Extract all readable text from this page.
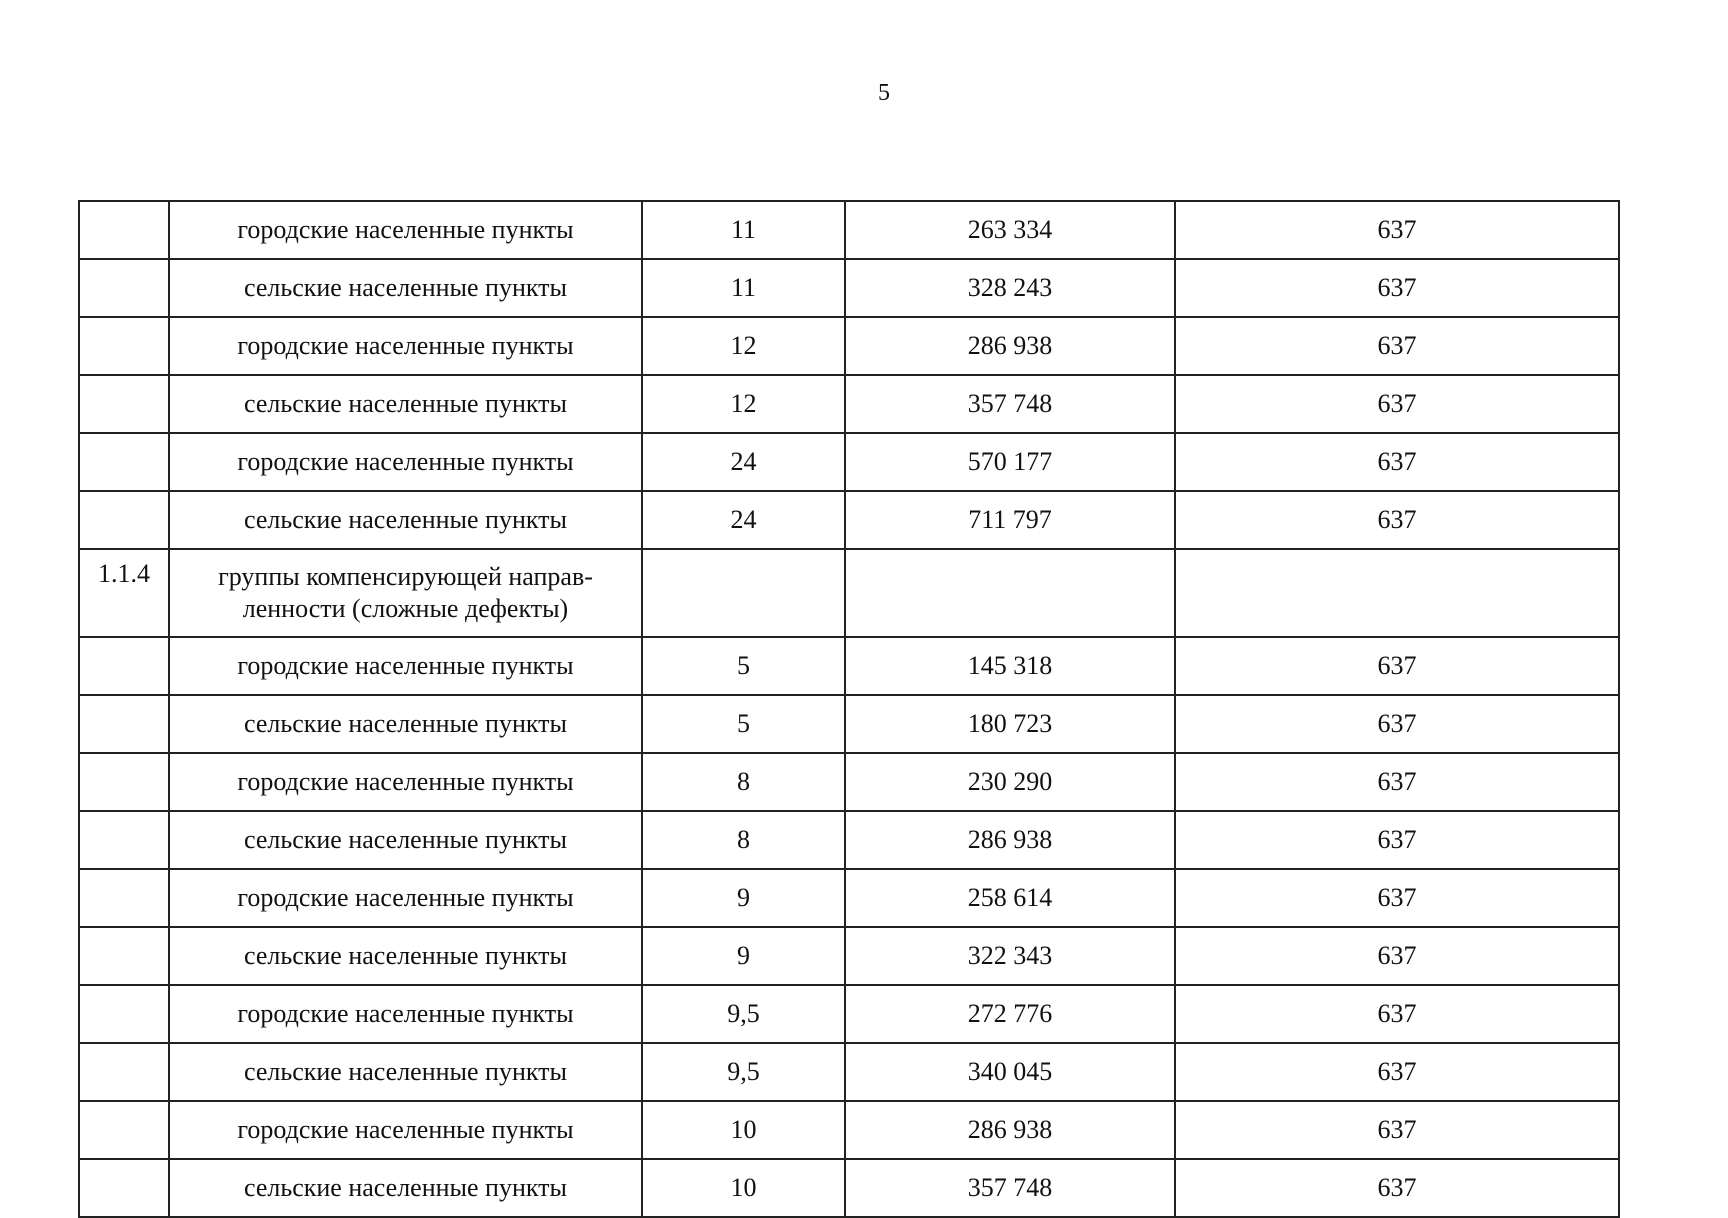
5
	городские населенные пункты	11	263 334	637
	сельские населенные пункты	11	328 243	637
	городские населенные пункты	12	286 938	637
	сельские населенные пункты	12	357 748	637
	городские населенные пункты	24	570 177	637
	сельские населенные пункты	24	711 797	637
1.1.4	группы компенсирующей направ-ленности (сложные дефекты)			
	городские населенные пункты	5	145 318	637
	сельские населенные пункты	5	180 723	637
	городские населенные пункты	8	230 290	637
	сельские населенные пункты	8	286 938	637
	городские населенные пункты	9	258 614	637
	сельские населенные пункты	9	322 343	637
	городские населенные пункты	9,5	272 776	637
	сельские населенные пункты	9,5	340 045	637
	городские населенные пункты	10	286 938	637
	сельские населенные пункты	10	357 748	637
